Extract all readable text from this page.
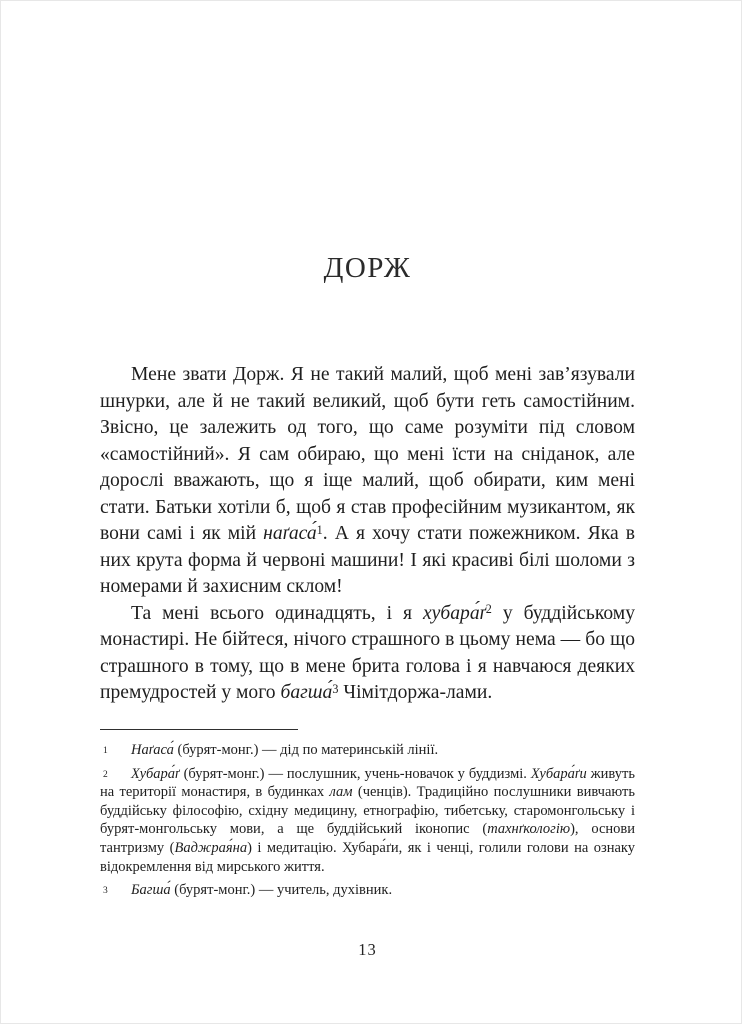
ДОРЖ

Мене звати Дорж. Я не такий малий, щоб мені зав’язували шнурки, але й не такий великий, щоб бути геть самостійним. Звісно, це залежить од того, що саме розуміти під словом «самостійний». Я сам обираю, що мені їсти на сніданок, але дорослі вважають, що я іще малий, щоб обирати, ким мені стати. Батьки хотіли б, щоб я став професійним музикантом, як вони самі і як мій наґаса́$^1$. А я хочу стати пожежником. Яка в них крута форма й червоні машини! І які красиві білі шоломи з номерами й захисним склом!

Та мені всього одинадцять, і я $хубара́ґ^2$ у буддійському монастирі. Не бійтеся, нічого страшного в цьому нема — бо що страшного в тому, що в мене брита голова і я навчаюся деяких премудростей у мого багша́$^3$ Чімітдоржа-лами.

1 Наґаса́ (бурят-монг.) — дід по материнській лінії.
2 Хубара́ґ (бурят-монг.) — послушник, учень-новачок у буддизмі. Хубара́ґи живуть на території монастиря, в будинках лам (ченців). Традиційно послушники вивчають буддійську філософію, східну медицину, етнографію, тибетську, старомонгольську і бурят-монгольську мови, а ще буддійський іконопис (тахнґкологію), основи тантризму (Ваджрая́на) і медитацію. Хубара́ґи, як і ченці, голили голови на ознаку відокремлення від мирського життя.
3 Багша́ (бурят-монг.) — учитель, духівник.
13
